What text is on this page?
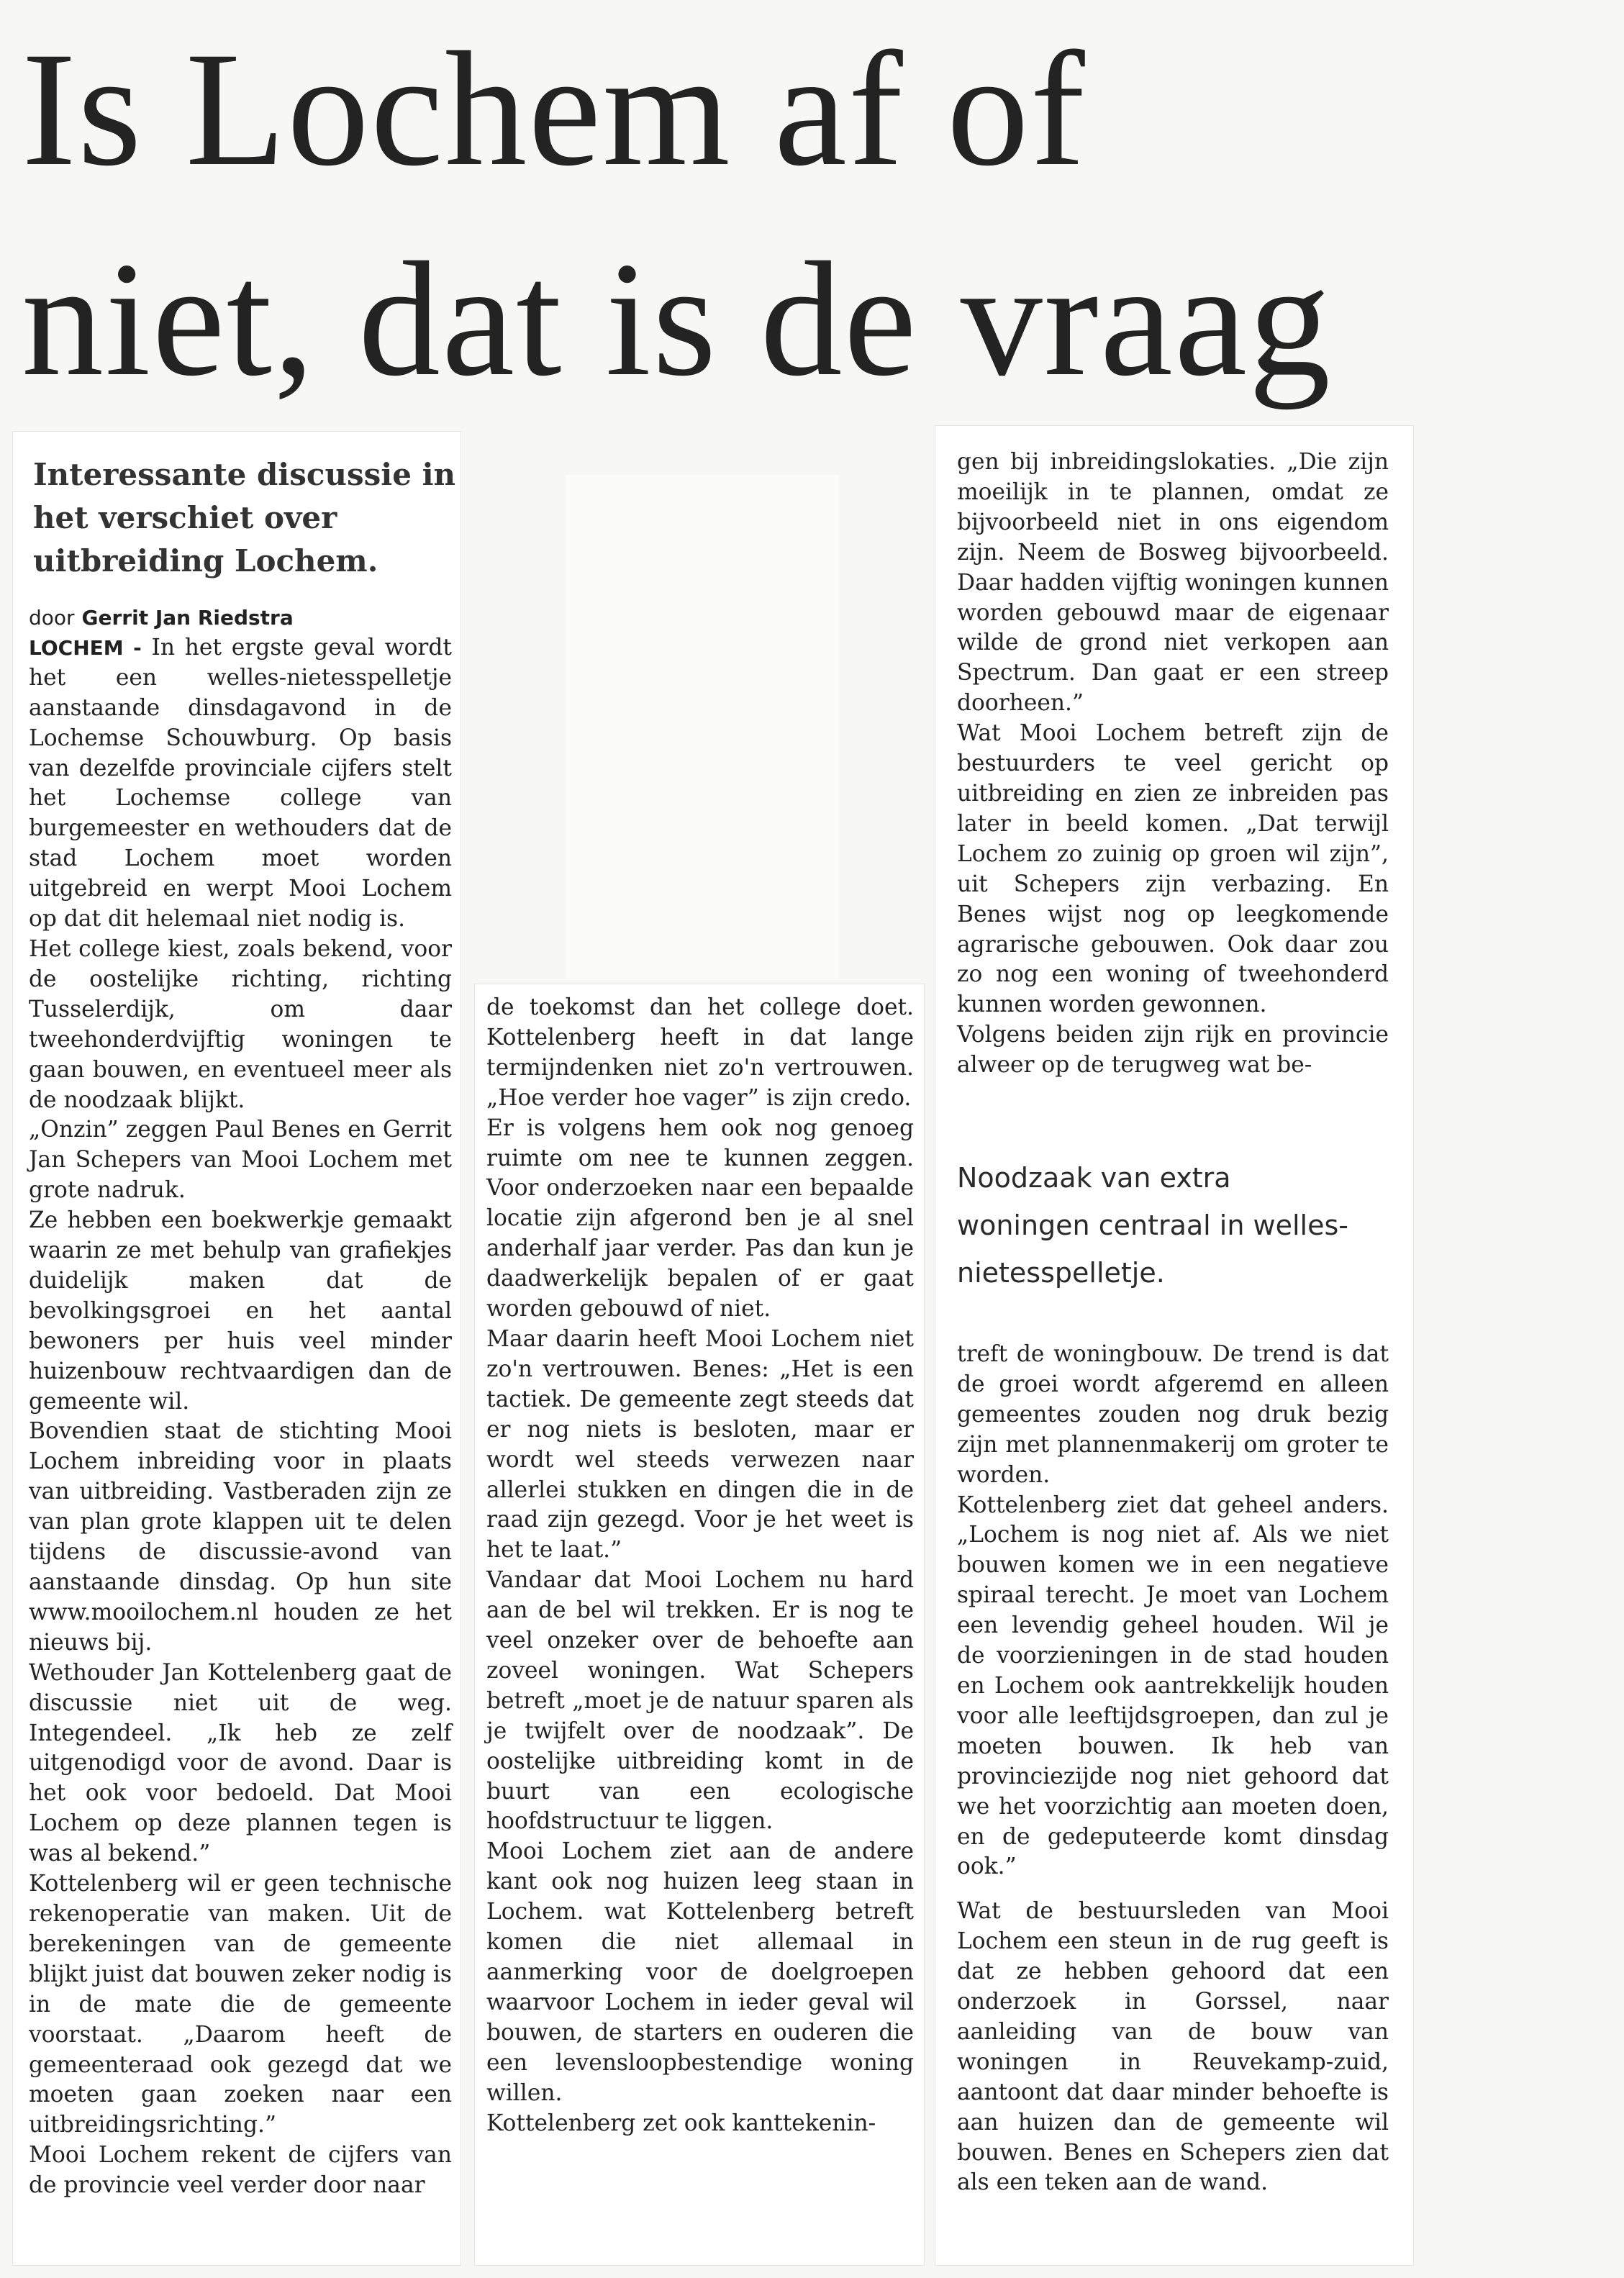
Is Lochem af of
niet, dat is de vraag
Interessante discussie in het verschiet over uitbreiding Lochem.

door Gerrit Jan Riedstra

LOCHEM - In het ergste geval wordt het een welles-nietesspelletje aanstaande dinsdagavond in de Lochemse Schouwburg. Op basis van dezelfde provinciale cijfers stelt het Lochemse college van burgemeester en wethouders dat de stad Lochem moet worden uitgebreid en werpt Mooi Lochem op dat dit helemaal niet nodig is.

Het college kiest, zoals bekend, voor de oostelijke richting, richting Tusselerdijk, om daar tweehonderdvijftig woningen te gaan bouwen, en eventueel meer als de noodzaak blijkt.

„Onzin” zeggen Paul Benes en Gerrit Jan Schepers van Mooi Lochem met grote nadruk.

Ze hebben een boekwerkje gemaakt waarin ze met behulp van grafiekjes duidelijk maken dat de bevolkingsgroei en het aantal bewoners per huis veel minder huizenbouw rechtvaardigen dan de gemeente wil.

Bovendien staat de stichting Mooi Lochem inbreiding voor in plaats van uitbreiding. Vastberaden zijn ze van plan grote klappen uit te delen tijdens de discussie-avond van aanstaande dinsdag. Op hun site www.mooilochem.nl houden ze het nieuws bij.

Wethouder Jan Kottelenberg gaat de discussie niet uit de weg. Integendeel. „Ik heb ze zelf uitgenodigd voor de avond. Daar is het ook voor bedoeld. Dat Mooi Lochem op deze plannen tegen is was al bekend.”

Kottelenberg wil er geen technische rekenoperatie van maken. Uit de berekeningen van de gemeente blijkt juist dat bouwen zeker nodig is in de mate die de gemeente voorstaat. „Daarom heeft de gemeenteraad ook gezegd dat we moeten gaan zoeken naar een uitbreidingsrichting.”

Mooi Lochem rekent de cijfers van de provincie veel verder door naar

de toekomst dan het college doet. Kottelenberg heeft in dat lange termijndenken niet zo'n vertrouwen. „Hoe verder hoe vager” is zijn credo.

Er is volgens hem ook nog genoeg ruimte om nee te kunnen zeggen. Voor onderzoeken naar een bepaalde locatie zijn afgerond ben je al snel anderhalf jaar verder. Pas dan kun je daadwerkelijk bepalen of er gaat worden gebouwd of niet.

Maar daarin heeft Mooi Lochem niet zo'n vertrouwen. Benes: „Het is een tactiek. De gemeente zegt steeds dat er nog niets is besloten, maar er wordt wel steeds verwezen naar allerlei stukken en dingen die in de raad zijn gezegd. Voor je het weet is het te laat.”

Vandaar dat Mooi Lochem nu hard aan de bel wil trekken. Er is nog te veel onzeker over de behoefte aan zoveel woningen. Wat Schepers betreft „moet je de natuur sparen als je twijfelt over de noodzaak”. De oostelijke uitbreiding komt in de buurt van een ecologische hoofdstructuur te liggen.

Mooi Lochem ziet aan de andere kant ook nog huizen leeg staan in Lochem. wat Kottelenberg betreft komen die niet allemaal in aanmerking voor de doelgroepen waarvoor Lochem in ieder geval wil bouwen, de starters en ouderen die een levensloopbestendige woning willen.

Kottelenberg zet ook kanttekenin-

gen bij inbreidingslokaties. „Die zijn moeilijk in te plannen, omdat ze bijvoorbeeld niet in ons eigendom zijn. Neem de Bosweg bijvoorbeeld. Daar hadden vijftig woningen kunnen worden gebouwd maar de eigenaar wilde de grond niet verkopen aan Spectrum. Dan gaat er een streep doorheen.”

Wat Mooi Lochem betreft zijn de bestuurders te veel gericht op uitbreiding en zien ze inbreiden pas later in beeld komen. „Dat terwijl Lochem zo zuinig op groen wil zijn”, uit Schepers zijn verbazing. En Benes wijst nog op leegkomende agrarische gebouwen. Ook daar zou zo nog een woning of tweehonderd kunnen worden gewonnen.

Volgens beiden zijn rijk en provincie alweer op de terugweg wat be-

Noodzaak van extra woningen centraal in welles-nietesspelletje.

treft de woningbouw. De trend is dat de groei wordt afgeremd en alleen gemeentes zouden nog druk bezig zijn met plannenmakerij om groter te worden.

Kottelenberg ziet dat geheel anders. „Lochem is nog niet af. Als we niet bouwen komen we in een negatieve spiraal terecht. Je moet van Lochem een levendig geheel houden. Wil je de voorzieningen in de stad houden en Lochem ook aantrekkelijk houden voor alle leeftijdsgroepen, dan zul je moeten bouwen. Ik heb van provinciezijde nog niet gehoord dat we het voorzichtig aan moeten doen, en de gedeputeerde komt dinsdag ook.”

Wat de bestuursleden van Mooi Lochem een steun in de rug geeft is dat ze hebben gehoord dat een onderzoek in Gorssel, naar aanleiding van de bouw van woningen in Reuvekamp-zuid, aantoont dat daar minder behoefte is aan huizen dan de gemeente wil bouwen. Benes en Schepers zien dat als een teken aan de wand.
